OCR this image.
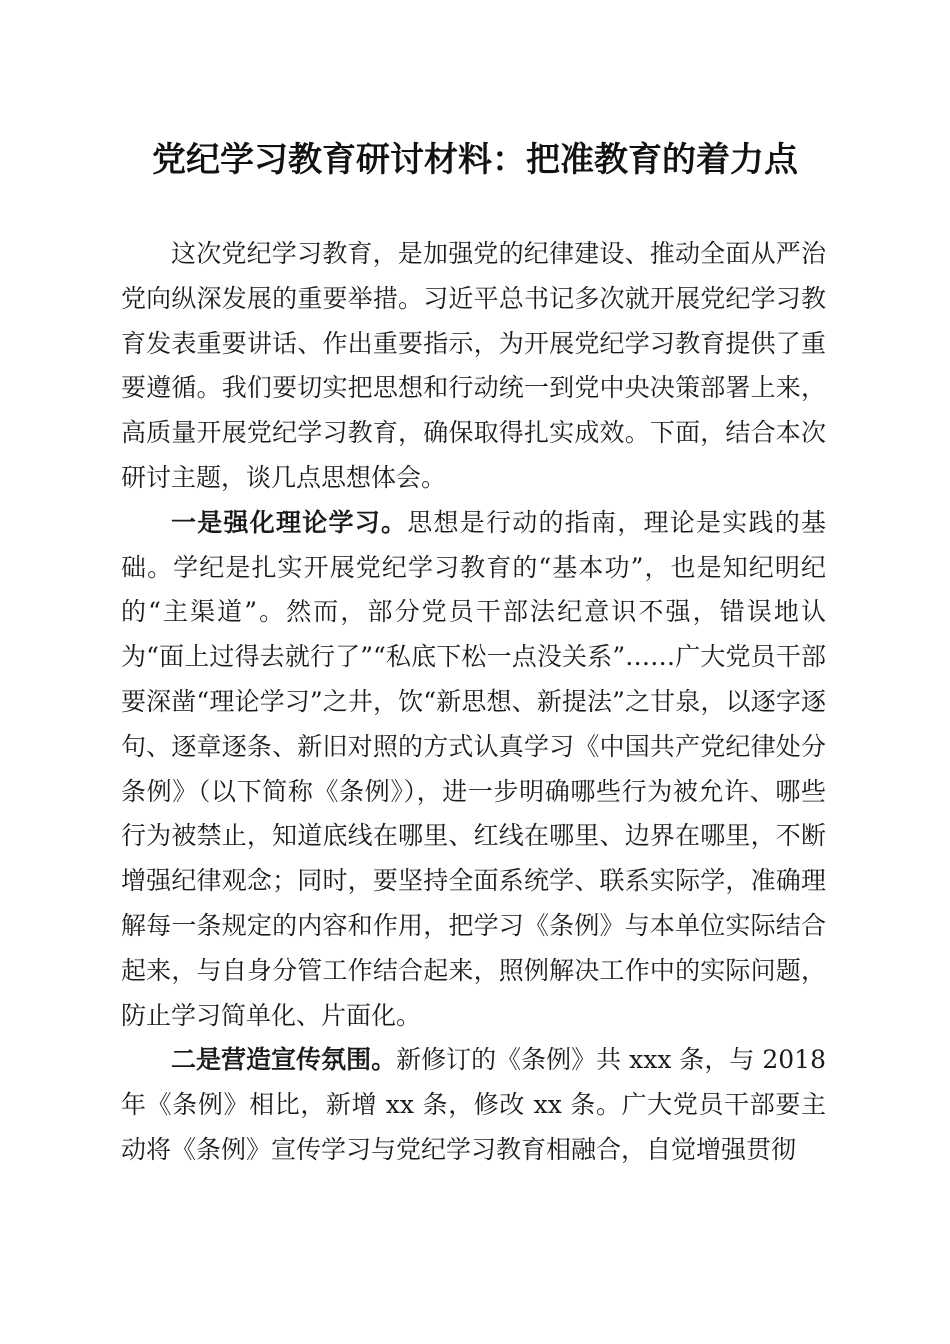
党纪学习教育研讨材料：把准教育的着力点

这次党纪学习教育，是加强党的纪律建设、推动全面从严治党向纵深发展的重要举措。习近平总书记多次就开展党纪学习教育发表重要讲话、作出重要指示，为开展党纪学习教育提供了重要遵循。我们要切实把思想和行动统一到党中央决策部署上来，高质量开展党纪学习教育，确保取得扎实成效。下面，结合本次研讨主题，谈几点思想体会。

一是强化理论学习。思想是行动的指南，理论是实践的基础。学纪是扎实开展党纪学习教育的“基本功”，也是知纪明纪的“主渠道”。然而，部分党员干部法纪意识不强，错误地认为“面上过得去就行了”“私底下松一点没关系”……广大党员干部要深凿“理论学习”之井，饮“新思想、新提法”之甘泉，以逐字逐句、逐章逐条、新旧对照的方式认真学习《中国共产党纪律处分条例》（以下简称《条例》），进一步明确哪些行为被允许、哪些行为被禁止，知道底线在哪里、红线在哪里、边界在哪里，不断增强纪律观念；同时，要坚持全面系统学、联系实际学，准确理解每一条规定的内容和作用，把学习《条例》与本单位实际结合起来，与自身分管工作结合起来，照例解决工作中的实际问题，防止学习简单化、片面化。

二是营造宣传氛围。新修订的《条例》共 xxx 条，与 2018 年《条例》相比，新增 xx 条，修改 xx 条。广大党员干部要主动将《条例》宣传学习与党纪学习教育相融合，自觉增强贯彻
